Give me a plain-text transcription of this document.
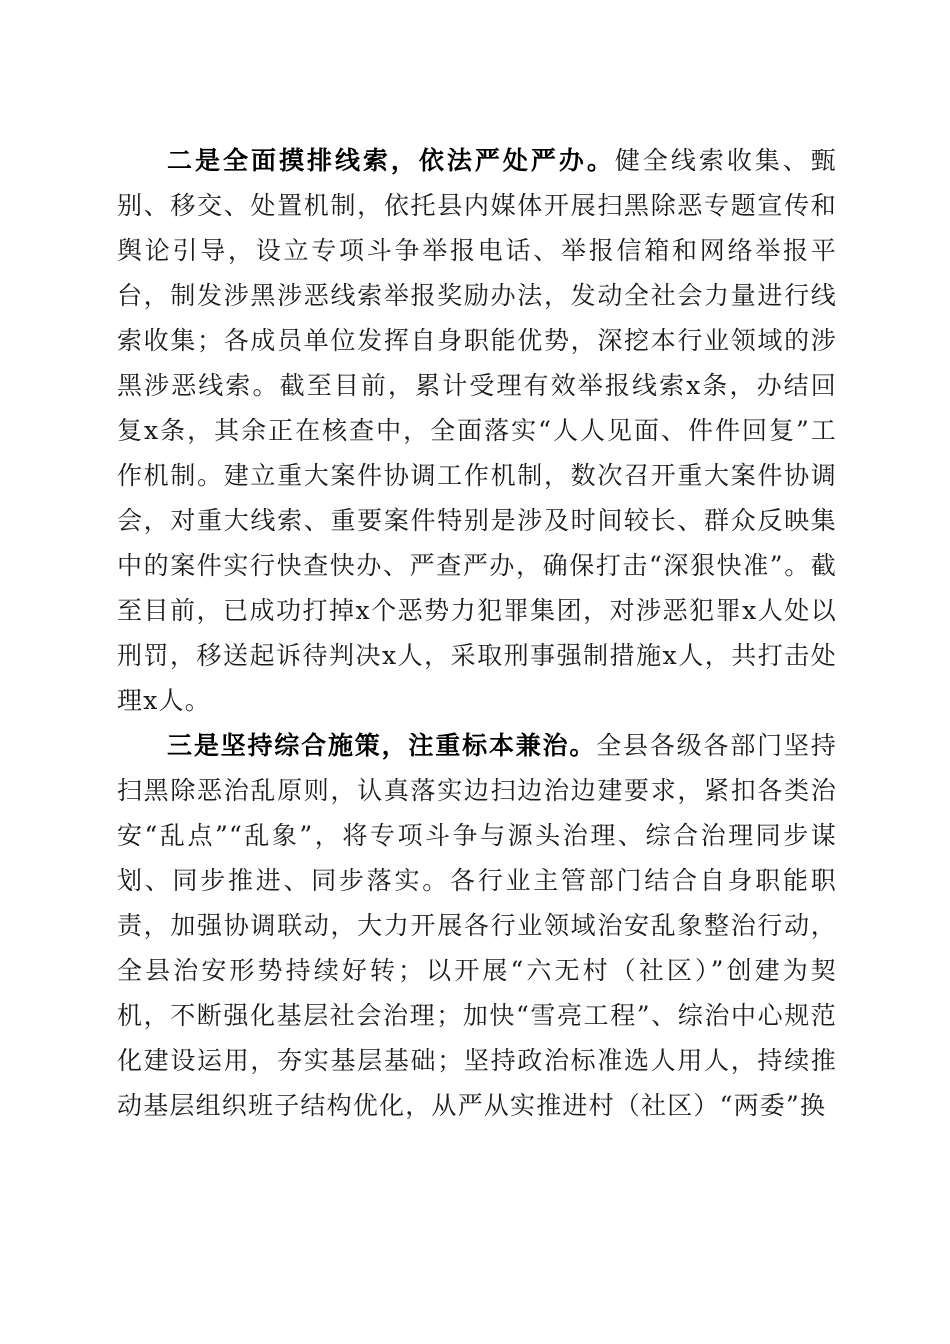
二是全面摸排线索，依法严处严办。健全线索收集、甄别、移交、处置机制，依托县内媒体开展扫黑除恶专题宣传和舆论引导，设立专项斗争举报电话、举报信箱和网络举报平台，制发涉黑涉恶线索举报奖励办法，发动全社会力量进行线索收集；各成员单位发挥自身职能优势，深挖本行业领域的涉黑涉恶线索。截至目前，累计受理有效举报线索x条，办结回复x条，其余正在核查中，全面落实“人人见面、件件回复”工作机制。建立重大案件协调工作机制，数次召开重大案件协调会，对重大线索、重要案件特别是涉及时间较长、群众反映集中的案件实行快查快办、严查严办，确保打击“深狠快准”。截至目前，已成功打掉x个恶势力犯罪集团，对涉恶犯罪x人处以刑罚，移送起诉待判决x人，采取刑事强制措施x人，共打击处理x人。

三是坚持综合施策，注重标本兼治。全县各级各部门坚持扫黑除恶治乱原则，认真落实边扫边治边建要求，紧扣各类治安“乱点”“乱象”，将专项斗争与源头治理、综合治理同步谋划、同步推进、同步落实。各行业主管部门结合自身职能职责，加强协调联动，大力开展各行业领域治安乱象整治行动，全县治安形势持续好转；以开展“六无村（社区）”创建为契机，不断强化基层社会治理；加快“雪亮工程”、综治中心规范化建设运用，夯实基层基础；坚持政治标准选人用人，持续推动基层组织班子结构优化，从严从实推进村（社区）“两委”换
